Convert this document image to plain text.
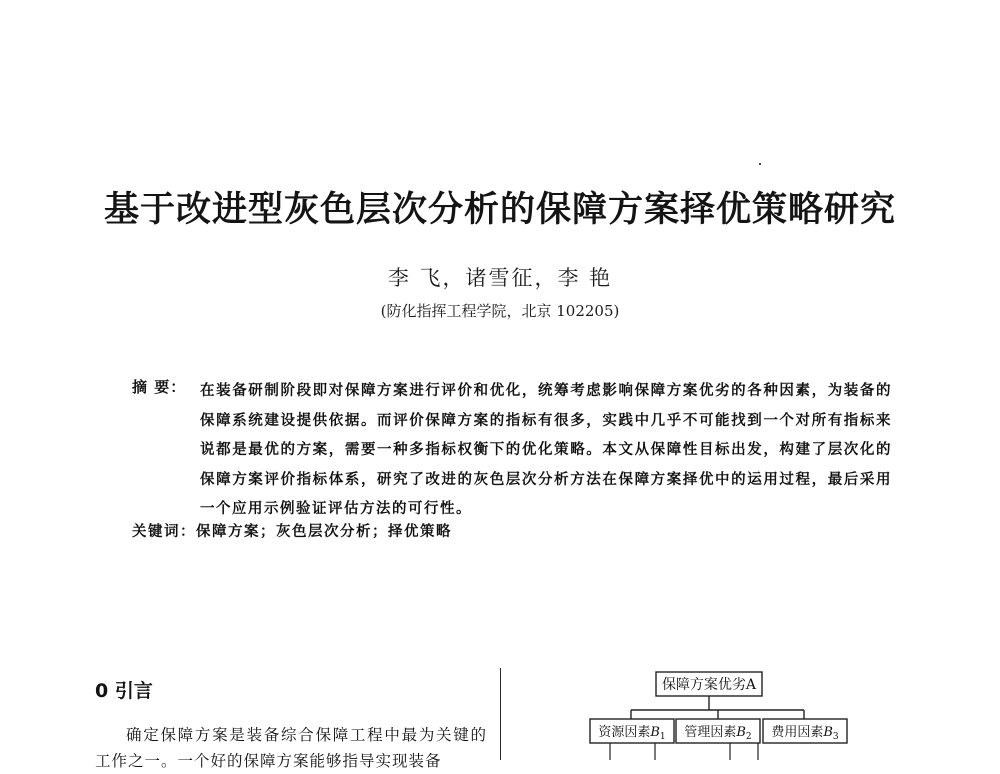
基于改进型灰色层次分析的保障方案择优策略研究
李 飞，诸雪征，李 艳
(防化指挥工程学院，北京 102205)
摘 要： 在装备研制阶段即对保障方案进行评价和优化，统筹考虑影响保障方案优劣的各种因素，为装备的保障系统建设提供依据。而评价保障方案的指标有很多，实践中几乎不可能找到一个对所有指标来说都是最优的方案，需要一种多指标权衡下的优化策略。本文从保障性目标出发，构建了层次化的保障方案评价指标体系，研究了改进的灰色层次分析方法在保障方案择优中的运用过程，最后采用一个应用示例验证评估方法的可行性。
关键词：保障方案；灰色层次分析；择优策略
0 引言
确定保障方案是装备综合保障工程中最为关键的工作之一。一个好的保障方案能够指导实现装备
保障方案优劣A
资源因素$B_1$ 管理因素$B_2$ 费用因素$B_3$
